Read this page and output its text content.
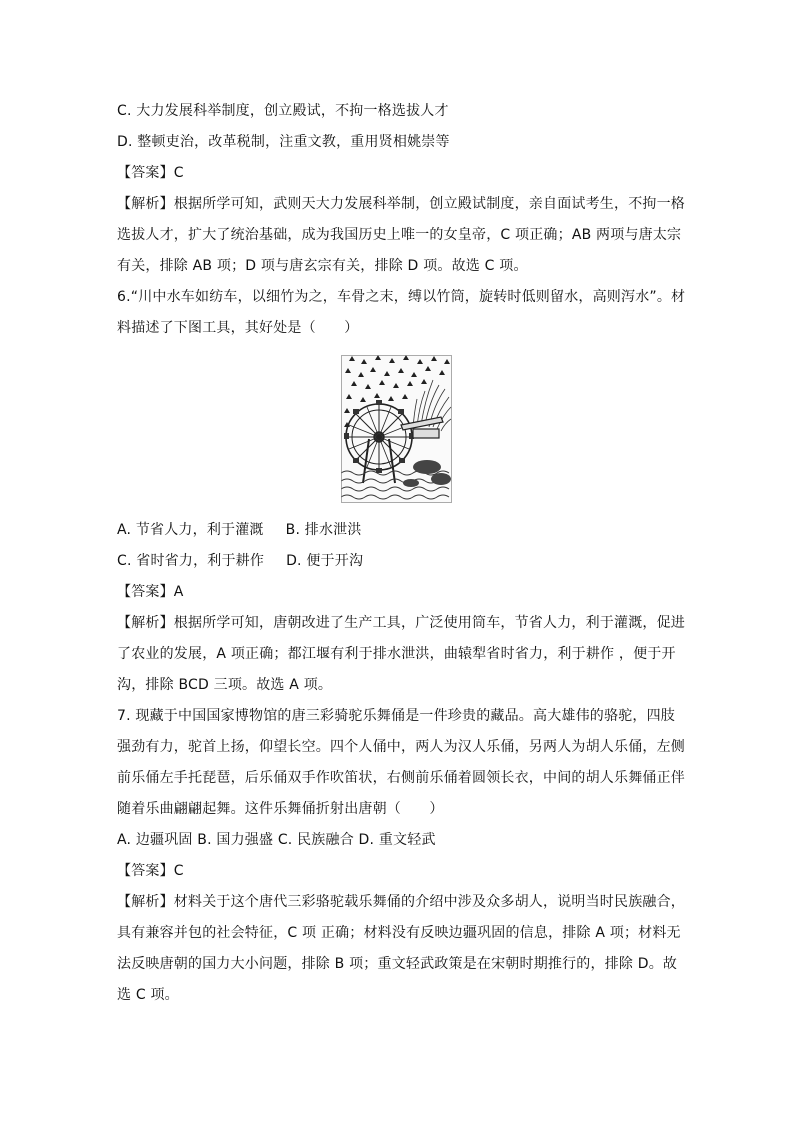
C. 大力发展科举制度，创立殿试，不拘一格选拔人才
D. 整顿吏治，改革税制，注重文教，重用贤相姚崇等
【答案】C
【解析】根据所学可知，武则天大力发展科举制，创立殿试制度，亲自面试考生，不拘一格
选拔人才，扩大了统治基础，成为我国历史上唯一的女皇帝，C 项正确；AB 两项与唐太宗
有关，排除 AB 项；D 项与唐玄宗有关，排除 D 项。故选 C 项。
6.“川中水车如纺车，以细竹为之，车骨之末，缚以竹筒，旋转时低则留水，高则泻水”。材
料描述了下图工具，其好处是（　　）
A. 节省人力，利于灌溉 B. 排水泄洪
C. 省时省力，利于耕作 D. 便于开沟
【答案】A
【解析】根据所学可知，唐朝改进了生产工具，广泛使用筒车，节省人力，利于灌溉，促进
了农业的发展，A 项正确；都江堰有利于排水泄洪，曲辕犁省时省力，利于耕作 ，便于开
沟，排除 BCD 三项。故选 A 项。
7. 现藏于中国国家博物馆的唐三彩骑驼乐舞俑是一件珍贵的藏品。高大雄伟的骆驼，四肢
强劲有力，驼首上扬，仰望长空。四个人俑中，两人为汉人乐俑，另两人为胡人乐俑，左侧
前乐俑左手托琵琶，后乐俑双手作吹笛状，右侧前乐俑着圆领长衣，中间的胡人乐舞俑正伴
随着乐曲翩翩起舞。这件乐舞俑折射出唐朝（　　）
A. 边疆巩固 B. 国力强盛 C. 民族融合 D. 重文轻武
【答案】C
【解析】材料关于这个唐代三彩骆驼载乐舞俑的介绍中涉及众多胡人，说明当时民族融合，
具有兼容并包的社会特征，C 项 正确；材料没有反映边疆巩固的信息，排除 A 项；材料无
法反映唐朝的国力大小问题，排除 B 项；重文轻武政策是在宋朝时期推行的，排除 D。故
选 C 项。
